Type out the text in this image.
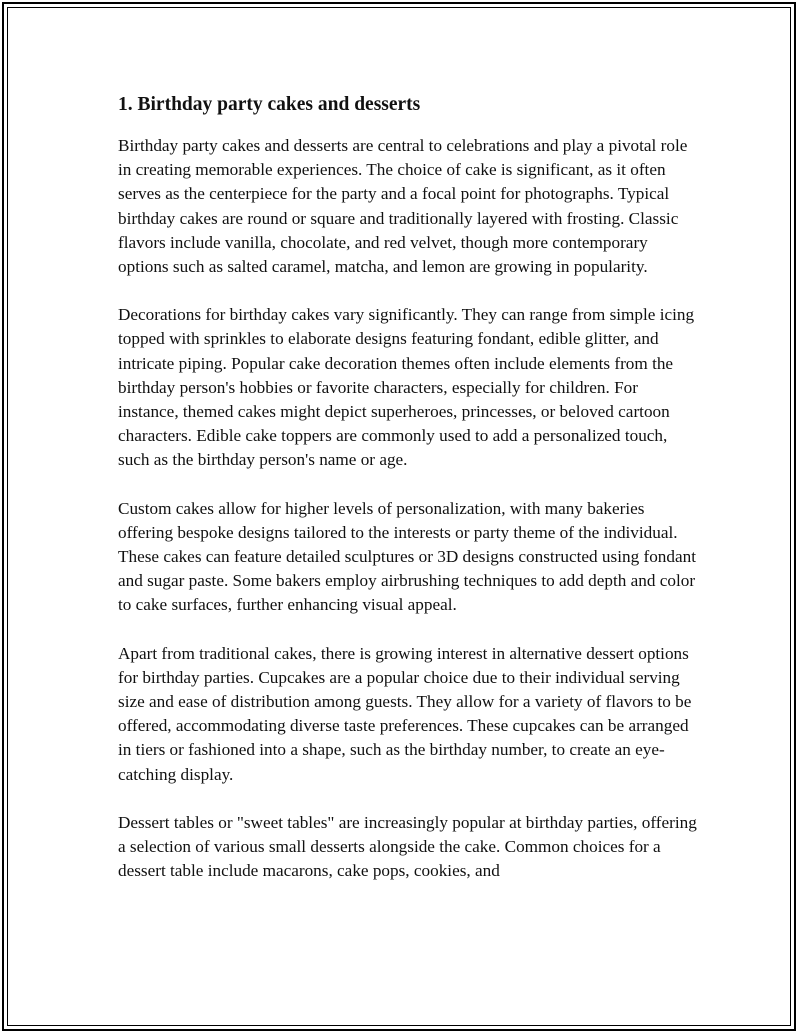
1. Birthday party cakes and desserts

Birthday party cakes and desserts are central to celebrations and play a pivotal role in creating memorable experiences. The choice of cake is significant, as it often serves as the centerpiece for the party and a focal point for photographs. Typical birthday cakes are round or square and traditionally layered with frosting. Classic flavors include vanilla, chocolate, and red velvet, though more contemporary options such as salted caramel, matcha, and lemon are growing in popularity.

Decorations for birthday cakes vary significantly. They can range from simple icing topped with sprinkles to elaborate designs featuring fondant, edible glitter, and intricate piping. Popular cake decoration themes often include elements from the birthday person's hobbies or favorite characters, especially for children. For instance, themed cakes might depict superheroes, princesses, or beloved cartoon characters. Edible cake toppers are commonly used to add a personalized touch, such as the birthday person's name or age.

Custom cakes allow for higher levels of personalization, with many bakeries offering bespoke designs tailored to the interests or party theme of the individual. These cakes can feature detailed sculptures or 3D designs constructed using fondant and sugar paste. Some bakers employ airbrushing techniques to add depth and color to cake surfaces, further enhancing visual appeal.

Apart from traditional cakes, there is growing interest in alternative dessert options for birthday parties. Cupcakes are a popular choice due to their individual serving size and ease of distribution among guests. They allow for a variety of flavors to be offered, accommodating diverse taste preferences. These cupcakes can be arranged in tiers or fashioned into a shape, such as the birthday number, to create an eye-catching display.

Dessert tables or "sweet tables" are increasingly popular at birthday parties, offering a selection of various small desserts alongside the cake. Common choices for a dessert table include macarons, cake pops, cookies, and
